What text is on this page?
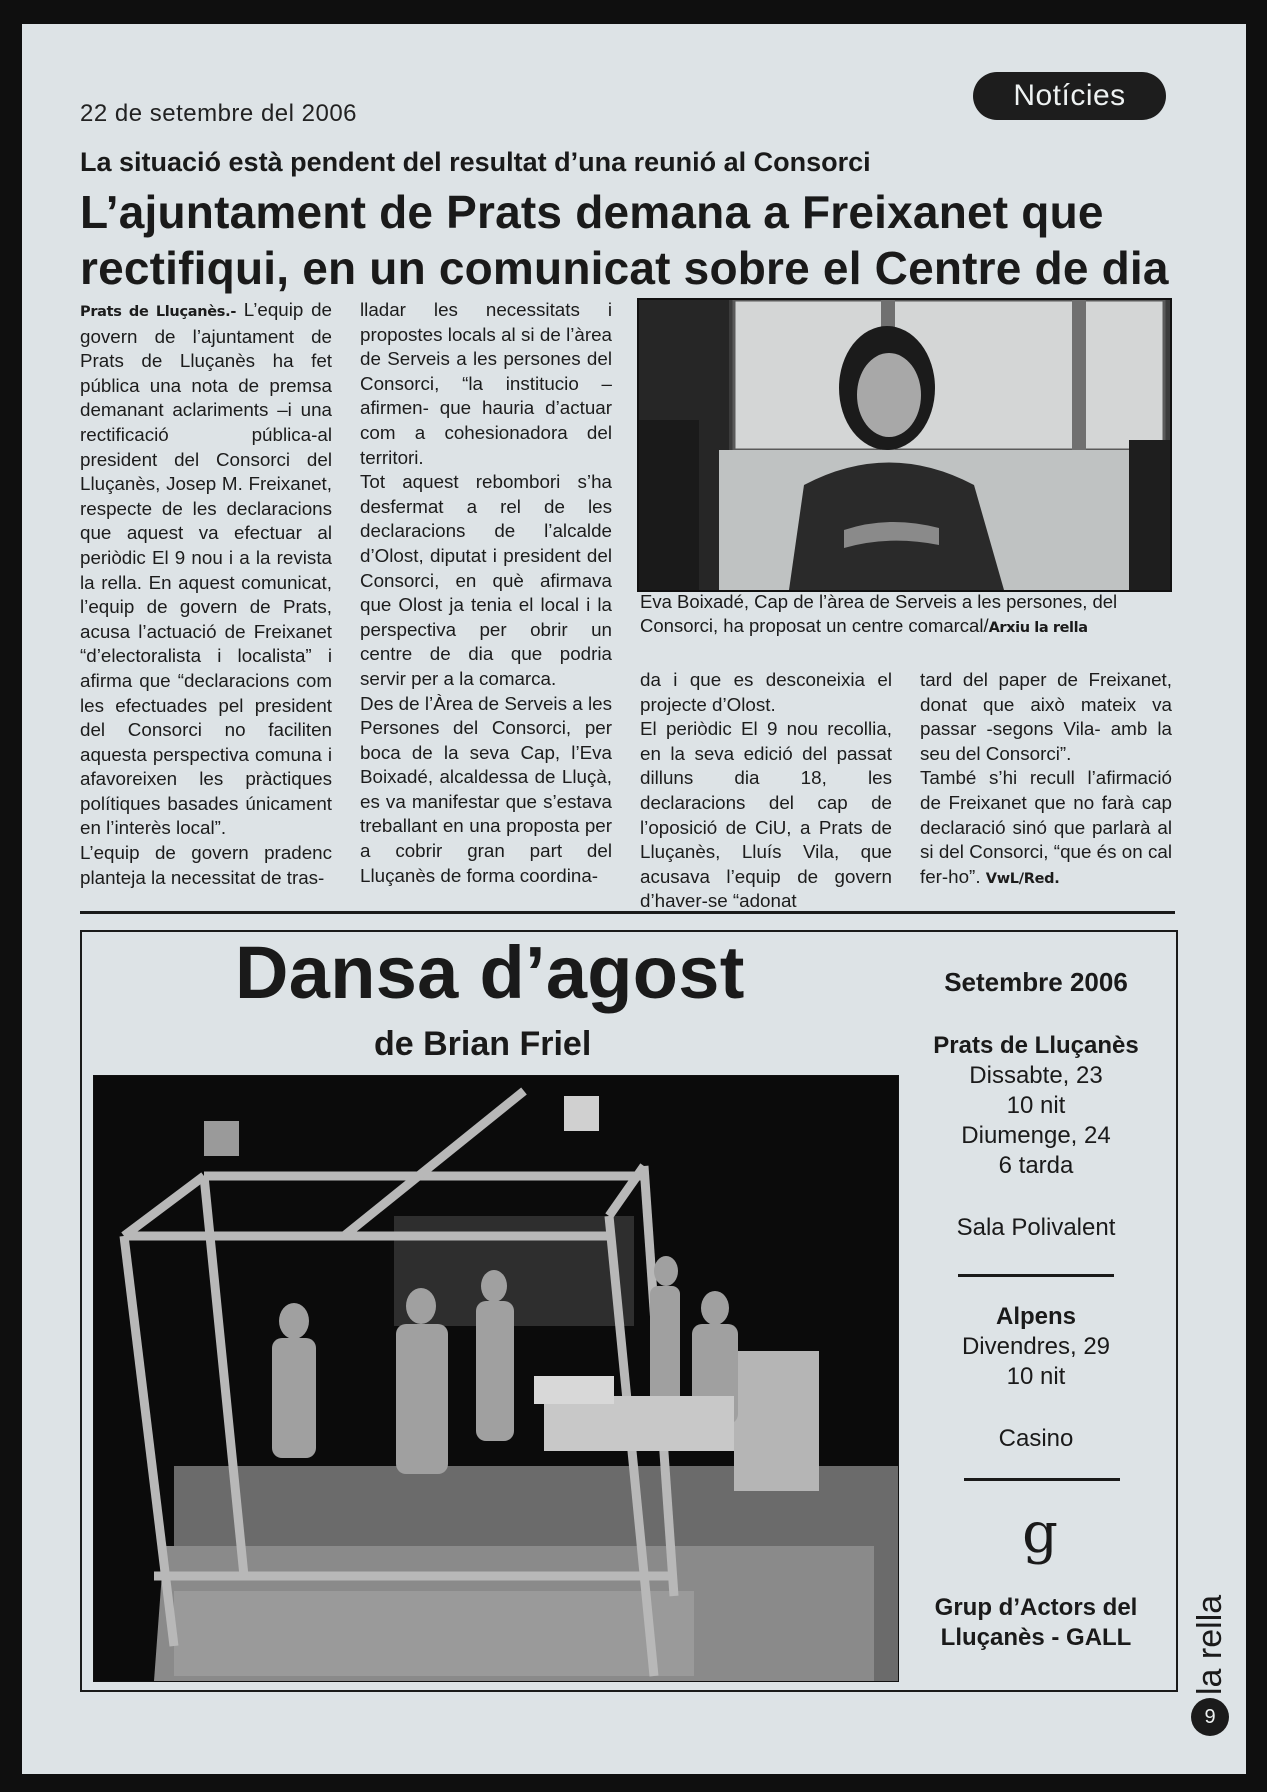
22 de setembre del 2006
Notícies
La situació està pendent del resultat d’una reunió al Consorci
L’ajuntament de Prats demana a Freixanet que rectifiqui, en un comunicat sobre el Centre de dia

Prats de Lluçanès.- L’equip de govern de l’ajuntament de Prats de Lluçanès ha fet pública una nota de premsa demanant aclariments –i una rectificació pública-al president del Consorci del Lluçanès, Josep M. Freixanet, respecte de les declaracions que aquest va efectuar al periòdic El 9 nou i a la revista la rella. En aquest comunicat, l’equip de govern de Prats, acusa l’actuació de Freixanet “d’electoralista i localista” i afirma que “declaracions com les efectuades pel president del Consorci no faciliten aquesta perspectiva comuna i afavoreixen les pràctiques polítiques basades únicament en l’interès local”.

L’equip de govern pradenc planteja la necessitat de tras-

lladar les necessitats i propostes locals al si de l’àrea de Serveis a les persones del Consorci, “la institucio –afirmen- que hauria d’actuar com a cohesionadora del territori.

Tot aquest rebombori s’ha desfermat a rel de les declaracions de l’alcalde d’Olost, diputat i president del Consorci, en què afirmava que Olost ja tenia el local i la perspectiva per obrir un centre de dia que podria servir per a la comarca.

Des de l’Àrea de Serveis a les Persones del Consorci, per boca de la seva Cap, l’Eva Boixadé, alcaldessa de Lluçà, es va manifestar que s’estava treballant en una proposta per a cobrir gran part del Lluçanès de forma coordina-

Eva Boixadé, Cap de l’àrea de Serveis a les persones, del Consorci, ha proposat un centre comarcal/Arxiu la rella

da i que es desconeixia el projecte d’Olost.

El periòdic El 9 nou recollia, en la seva edició del passat dilluns dia 18, les declaracions del cap de l’oposició de CiU, a Prats de Lluçanès, Lluís Vila, que acusava l’equip de govern d’haver-se “adonat

tard del paper de Freixanet, donat que això mateix va passar -segons Vila- amb la seu del Consorci”.

També s’hi recull l’afirmació de Freixanet que no farà cap declaració sinó que parlarà al si del Consorci, “que és on cal fer-ho”. VwL/Red.

Dansa d’agost
de Brian Friel
Setembre 2006
Prats de Lluçanès
Dissabte, 23
10 nit
Diumenge, 24
6 tarda
Sala Polivalent
Alpens
Divendres, 29
10 nit
Casino
g
Grup d’Actors del
Lluçanès - GALL	la rella
9
